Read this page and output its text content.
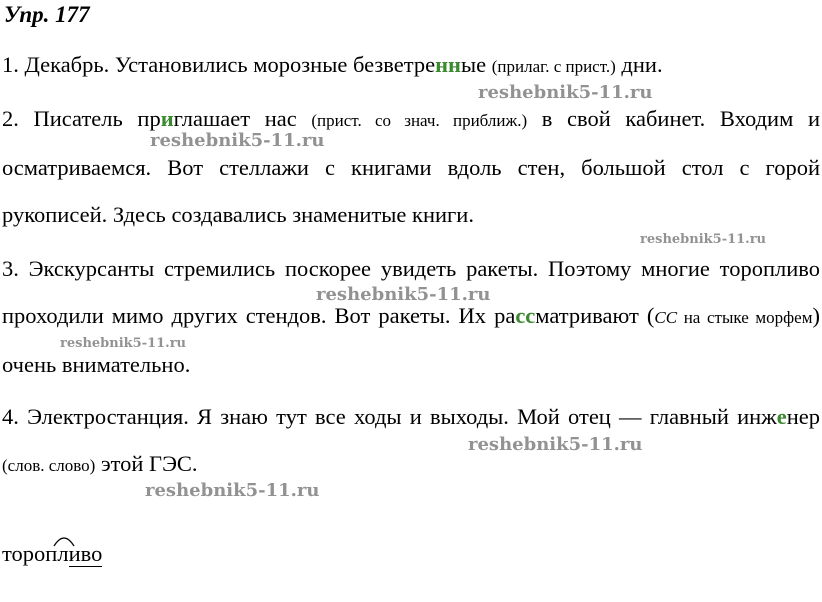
Упр. 177
1. Декабрь. Установились морозные безветренные (прилаг. с прист.) дни.
2. Писатель приглашает нас (прист. со знач. приближ.) в свой кабинет. Входим и осматриваемся. Вот стеллажи с книгами вдоль стен, большой стол с горой рукописей. Здесь создавались знаменитые книги.
3. Экскурсанты стремились поскорее увидеть ракеты. Поэтому многие торопливо проходили мимо других стендов. Вот ракеты. Их рассматривают (СС на стыке морфем) очень внимательно.
4. Электростанция. Я знаю тут все ходы и выходы. Мой отец — главный инженер (слов. слово) этой ГЭС.
торопливо
reshebnik5-11.ru
reshebnik5-11.ru
reshebnik5-11.ru
reshebnik5-11.ru
reshebnik5-11.ru
reshebnik5-11.ru
reshebnik5-11.ru
